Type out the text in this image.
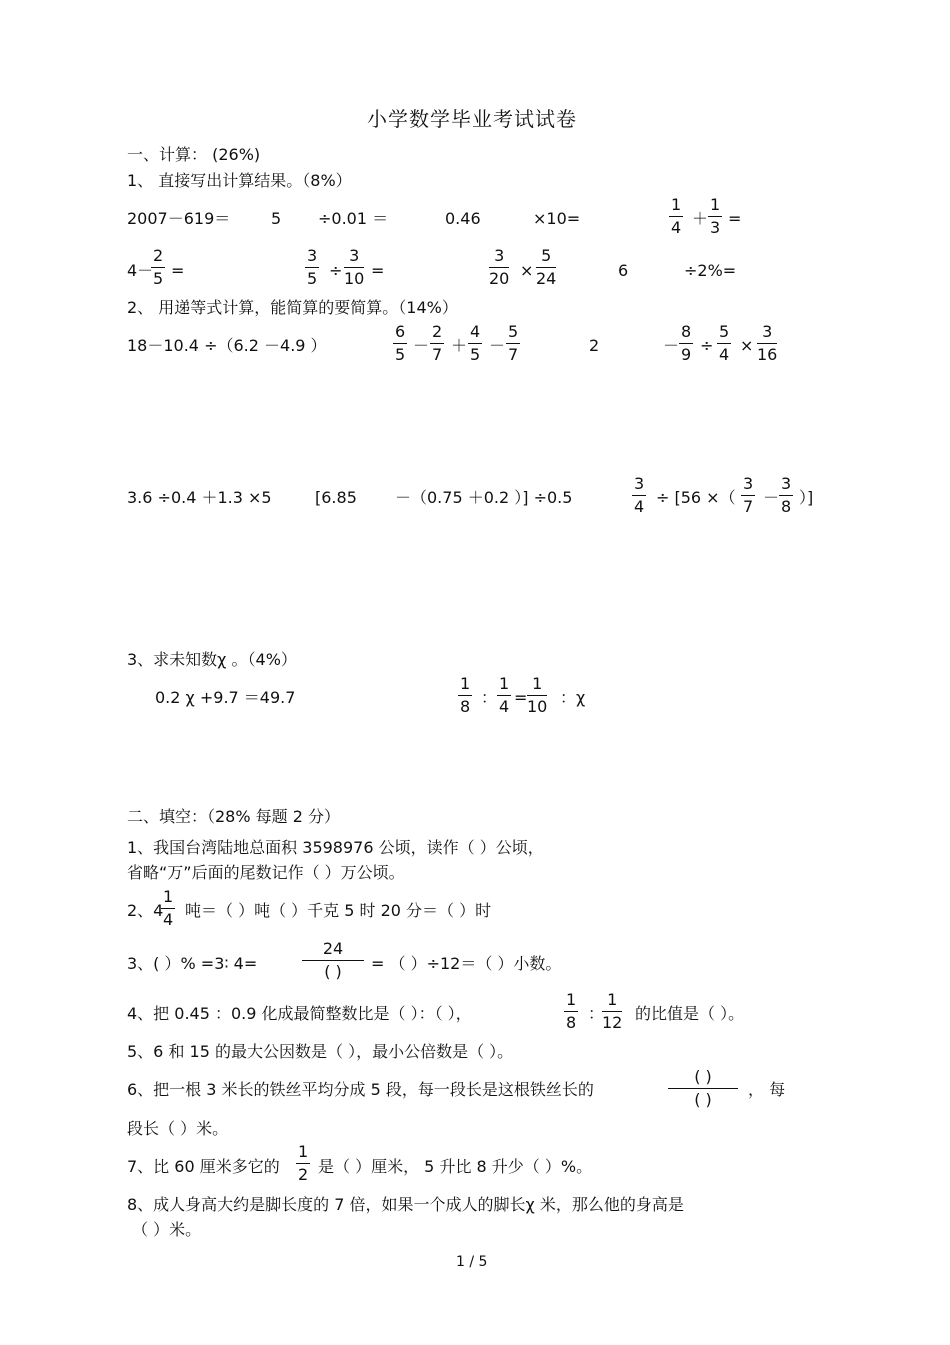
小学数学毕业考试试卷
一、计算： (26%)
1、 直接写出计算结果。（8%）
2007－619＝	5 ÷0.01 ＝	0.46	×10=	$\frac{1}{4} + \frac{1}{3}$ =
4－
$\frac{2}{5}$ =	$\frac{3}{5} \div \frac{3}{10}$ =	$\frac{3}{20} \times \frac{5}{24}$	6	÷2%=
2、 用递等式计算，能简算的要简算。（14%）
18－10.4 ÷（6.2 －4.9 ）	$\frac{6}{5} - \frac{2}{7} + \frac{4}{5} - \frac{5}{7}$	2	－ $\frac{8}{9} \div \frac{5}{4} \times \frac{3}{16}$
3.6 ÷0.4 ＋1.3 ×5	[6.85 －（0.75 ＋0.2 ）] ÷0.5	$\frac{3}{4} \div [56$ ×（ $\frac{3}{7} - \frac{3}{8}$ ）]
3、求未知数χ 。（4%）
0.2 χ +9.7 ＝49.7	$\frac{1}{8}$ ： $\frac{1}{4} = \frac{1}{10}$ ：χ
二、填空：（28% 每题 2 分）
1、我国台湾陆地总面积 3598976 公顷，读作（ ）公顷，
省略“万”后面的尾数记作（ ）万公顷。
2、4
$\frac{1}{4}$ 吨＝（ ）吨（ ）千克 5 时 20 分＝（ ）时
3、( ）% =3∶ 4=
24
( )	= （ ）÷12＝（ ）小数。
4、把 0.45 ：0.9 化成最简整数比是（ ）：（ ），	$\frac{1}{8}$ ：
$\frac{1}{12}$ 的比值是（ ）。
5、6 和 15 的最大公因数是（ ），最小公倍数是（ ）。
6、把一根 3 米长的铁丝平均分成 5 段，每一段长是这根铁丝长的
( )
( )
， 每
段长（ ）米。
7、比 60 厘米多它的 $\frac{1}{2}$ 是（ ）厘米， 5 升比 8 升少（ ）%。
8、成人身高大约是脚长度的 7 倍，如果一个成人的脚长χ 米，那么他的身高是
（ ）米。
1 / 5
